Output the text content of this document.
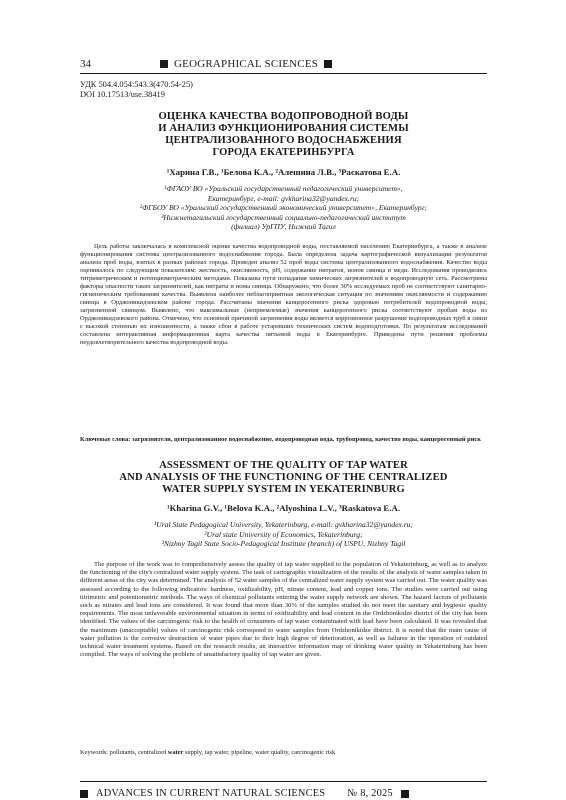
34	GEOGRAPHICAL SCIENCES
УДК 504.4.054:543.3(470.54-25)
DOI 10.17513/use.38419
ОЦЕНКА КАЧЕСТВА ВОДОПРОВОДНОЙ ВОДЫ
И АНАЛИЗ ФУНКЦИОНИРОВАНИЯ СИСТЕМЫ
ЦЕНТРАЛИЗОВАННОГО ВОДОСНАБЖЕНИЯ
ГОРОДА ЕКАТЕРИНБУРГА

¹Харина Г.В., ¹Белова К.А., ²Алешина Л.В., ³Раскатова Е.А.

¹ФГАОУ ВО «Уральский государственный педагогический университет»,

Екатеринбург, e-mail: gvkharina32@yandex.ru;

²ФГБОУ ВО «Уральский государственный экономический университет», Екатеринбург;

³Нижнетагильский государственный социально-педагогический институт

(филиал) УрГПУ, Нижний Тагил

Цель работы заключалась в комплексной оценке качества водопроводной воды, поставляемой населению Екатеринбурга, а также в анализе функционирования системы централизованного водоснабжения города. Была определена задача картографической визуализации результатов анализа проб воды, взятых в разных районах города. Проведен анализ 52 проб воды системы централизованного водоснабжения. Качество воды оценивалось по следующим показателям: жесткость, окисляемость, рН, содержание нитратов, ионов свинца и меди. Исследования проводились титриметрическим и потенциометрическим методами. Показаны пути попадания химических загрязнителей в водопроводную сеть. Рассмотрены факторы опасности таких загрязнителей, как нитраты и ионы свинца. Обнаружено, что более 30% исследуемых проб не соответствуют санитарно-гигиеническим требованиям качества. Выявлена наиболее неблагоприятная экологическая ситуация по значениям окисляемости и содержанию свинца в Орджоникидзевском районе города. Рассчитаны значения канцерогенного риска здоровью потребителей водопроводной воды, загрязненной свинцом. Выявлено, что максимальные (неприемлемые) значения канцерогенного риска соответствуют пробам воды из Орджоникидзевского района. Отмечено, что основной причиной загрязнения воды является коррозионное разрушение водопроводных труб в связи с высокой степенью их изношенности, а также сбои в работе устаревших технических систем водоподготовки. По результатам исследований составлена интерактивная информационная карта качества питьевой воды в Екатеринбурге. Приведены пути решения проблемы неудовлетворительного качества водопроводной воды.

Ключевые слова: загрязнители, централизованное водоснабжение, водопроводная вода, трубопровод, качество воды, канцерогенный риск

ASSESSMENT OF THE QUALITY OF TAP WATER
AND ANALYSIS OF THE FUNCTIONING OF THE CENTRALIZED
WATER SUPPLY SYSTEM IN YEKATERINBURG

¹Kharina G.V., ¹Belova K.A., ²Alyoshina L.V., ³Raskatova E.A.

¹Ural State Pedagogical University, Yekaterinburg, e-mail: gvkharina32@yandex.ru;

²Ural state University of Economics, Yekaterinburg;

³Nizhny Tagil State Socio-Pedagogical Institute (branch) of USPU, Nizhny Tagil

The purpose of the work was to comprehensively assess the quality of tap water supplied to the population of Yekaterinburg, as well as to analyze the functioning of the city's centralized water supply system. The task of cartographic visualization of the results of the analysis of water samples taken in different areas of the city was determined. The analysis of 52 water samples of the centralized water supply system was carried out. The water quality was assessed according to the following indicators: hardness, oxidizability, pH, nitrate content, lead and copper ions. The studies were carried out using titrimetric and potentiometric methods. The ways of chemical pollutants entering the water supply network are shown. The hazard factors of pollutants such as nitrates and lead ions are considered. It was found that more than 30% of the samples studied do not meet the sanitary and hygienic quality requirements. The most unfavorable environmental situation in terms of oxidizability and lead content in the Ordzhonikidze district of the city has been identified. The values of the carcinogenic risk to the health of consumers of tap water contaminated with lead have been calculated. It was revealed that the maximum (unacceptable) values of carcinogenic risk correspond to water samples from Ordzhonikidze district. It is noted that the main cause of water pollution is the corrosive destruction of water pipes due to their high degree of deterioration, as well as failures in the operation of outdated technical water treatment systems. Based on the research results, an interactive information map of drinking water quality in Yekaterinburg has been compiled. The ways of solving the problem of unsatisfactory quality of tap water are given.

Keywords: pollutants, centralized water supply, tap water, pipeline, water quality, carcinogenic risk

ADVANCES IN CURRENT NATURAL SCIENCES № 8, 2025
